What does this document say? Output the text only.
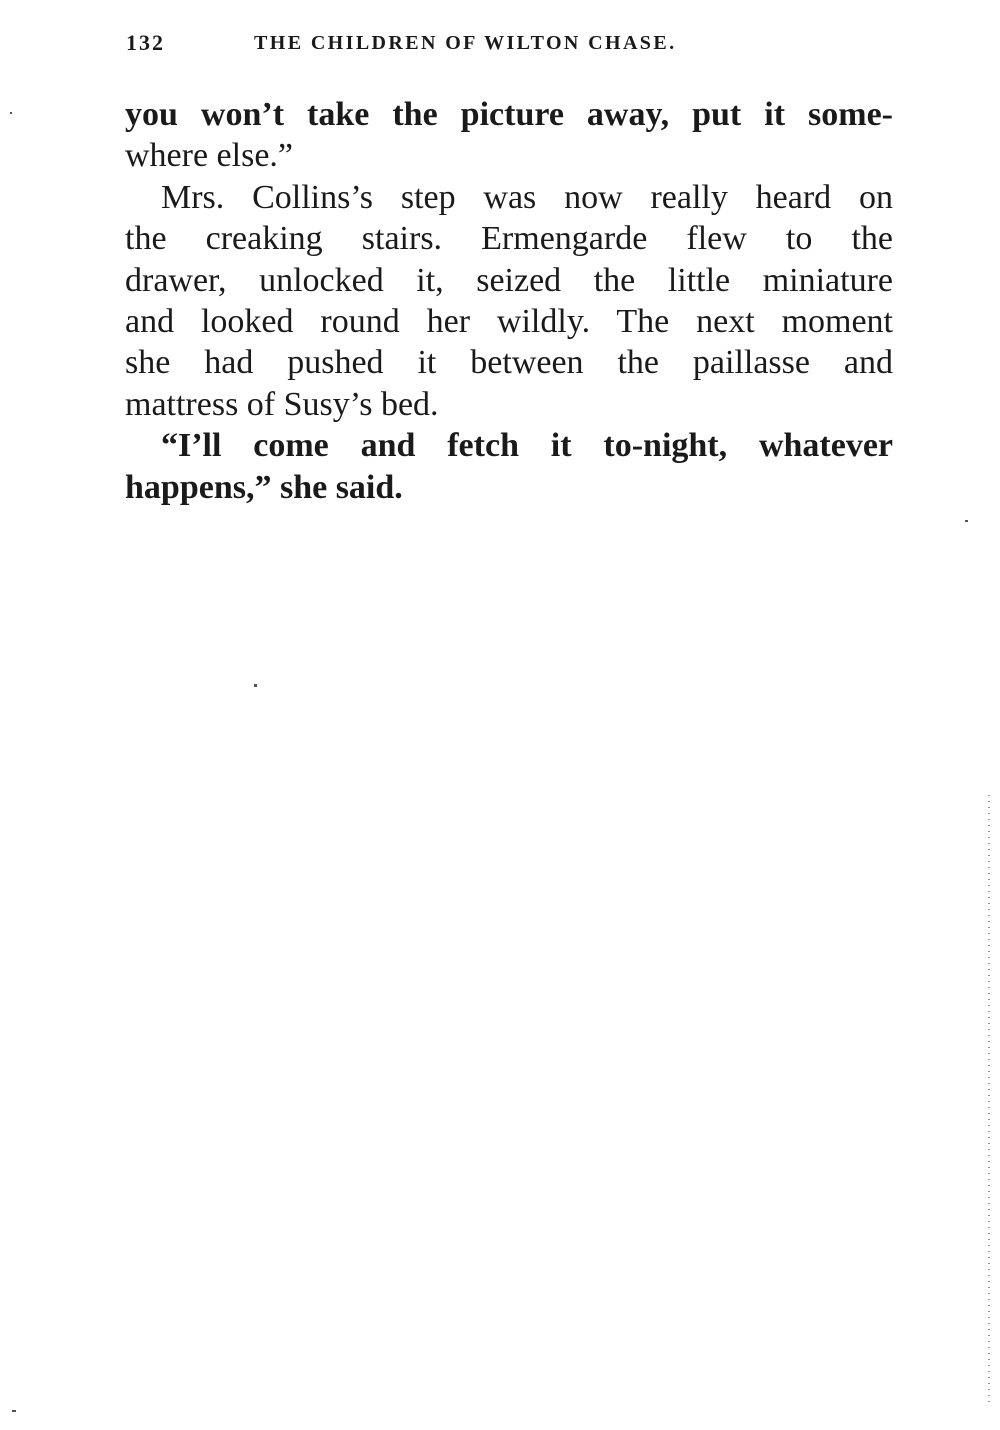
132	THE CHILDREN OF WILTON CHASE.
you won’t take the picture away, put it some-
where else.”
Mrs. Collins’s step was now really heard on
the creaking stairs. Ermengarde flew to the
drawer, unlocked it, seized the little miniature
and looked round her wildly. The next moment
she had pushed it between the paillasse and
mattress of Susy’s bed.
“I’ll come and fetch it to-night, whatever
happens,” she said.
